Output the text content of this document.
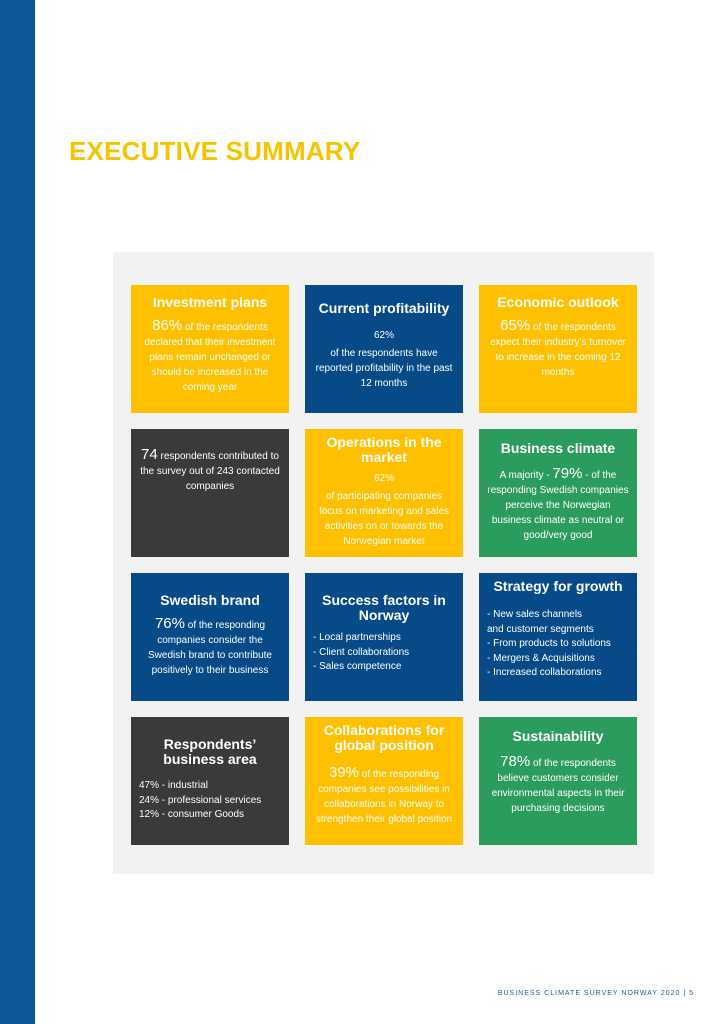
EXECUTIVE SUMMARY
Investment plans

86% of the respondents declared that their investment plans remain unchanged or should be increased in the coming year

Current profitability

62%

of the respondents have reported profitability in the past 12 months

Economic outlook

65% of the respondents expect their industry’s turnover to increase in the coming 12 months

74 respondents contributed to the survey out of 243 contacted companies

Operations in the market

62%

of participating companies focus on marketing and sales activities on or towards the Norwegian market

Business climate

A majority - 79% - of the responding Swedish companies perceive the Norwegian business climate as neutral or good/very good

Swedish brand

76% of the responding companies consider the Swedish brand to contribute positively to their business

Success factors in Norway
- Local partnerships
- Client collaborations
- Sales competence
Strategy for growth
- New sales channels
and customer segments
- From products to solutions
- Mergers & Acquisitions
- Increased collaborations
Respondents’ business area
47% - industrial
24% - professional services
12% - consumer Goods
Collaborations for global position

39% of the responding companies see possibilities in collaborations in Norway to strengthen their global position

Sustainability

78% of the respondents believe customers consider environmental aspects in their purchasing decisions

BUSINESS CLIMATE SURVEY NORWAY 2020 | 5
